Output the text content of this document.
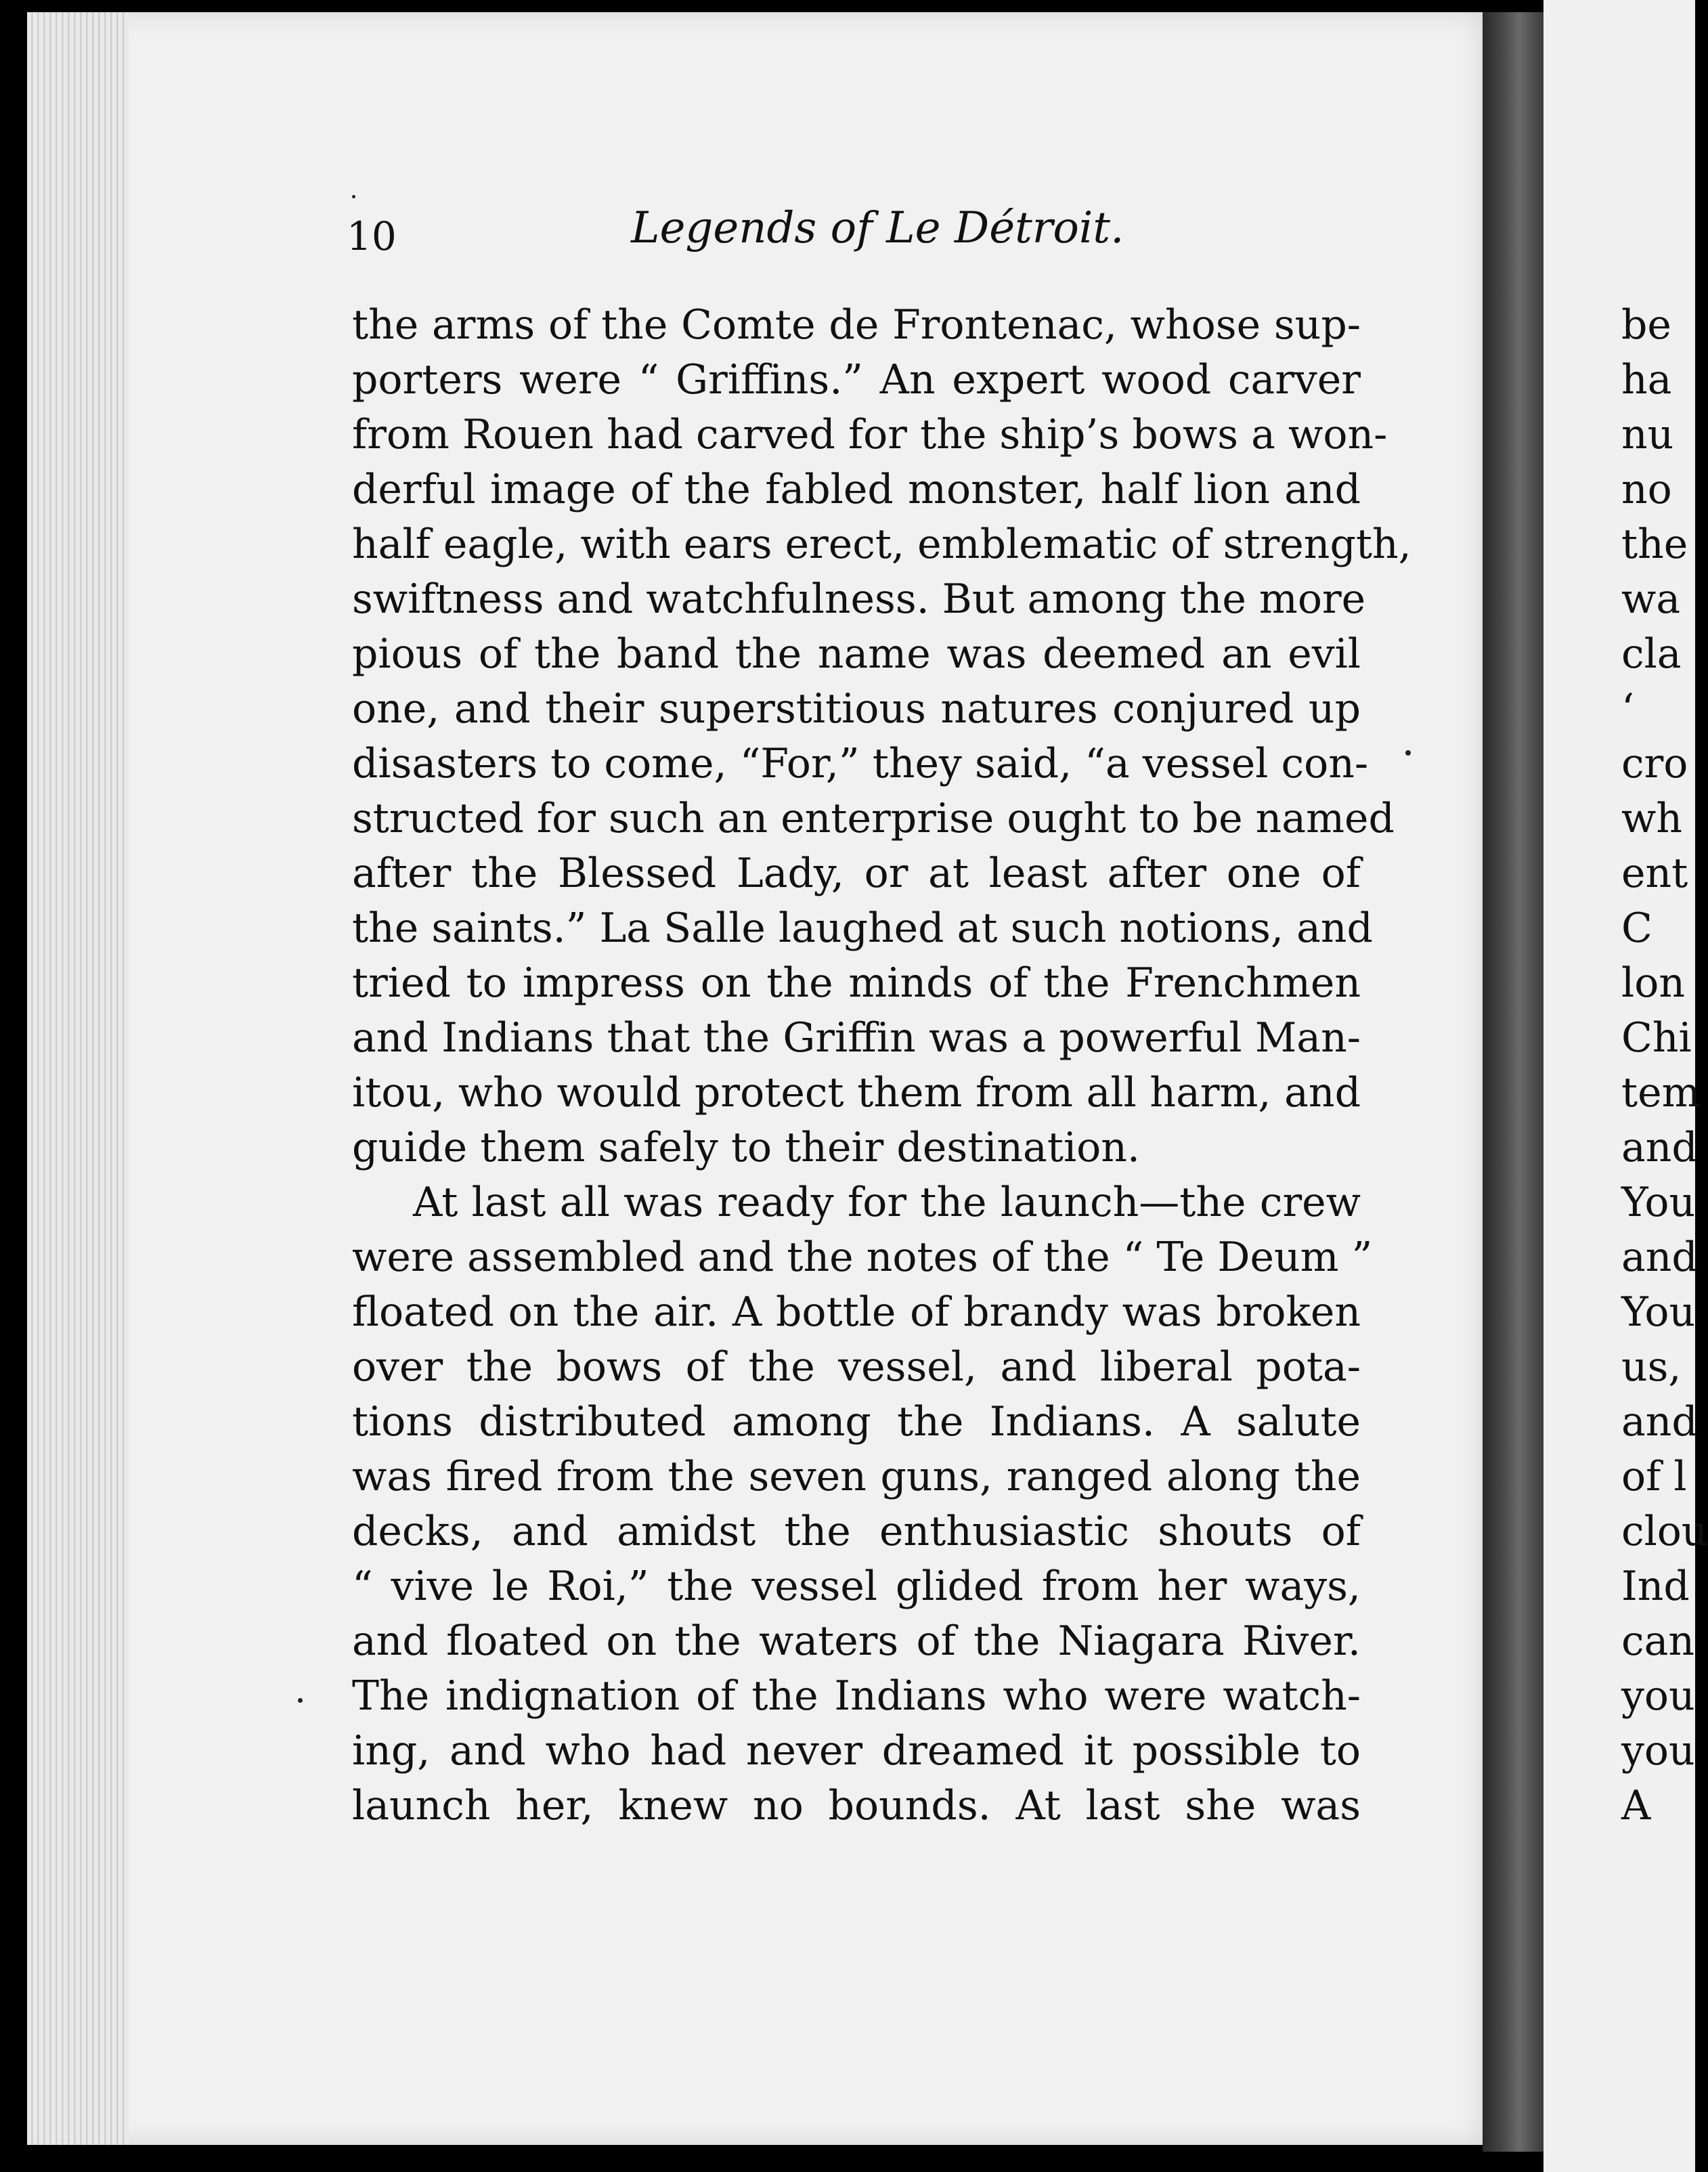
10	Legends of Le Détroit.
the arms of the Comte de Frontenac, whose sup-
porters were “ Griffins.” An expert wood carver
from Rouen had carved for the ship’s bows a won-
derful image of the fabled monster, half lion and
half eagle, with ears erect, emblematic of strength,
swiftness and watchfulness. But among the more
pious of the band the name was deemed an evil
one, and their superstitious natures conjured up
disasters to come, “For,” they said, “a vessel con-
structed for such an enterprise ought to be named
after the Blessed Lady, or at least after one of
the saints.” La Salle laughed at such notions, and
tried to impress on the minds of the Frenchmen
and Indians that the Griffin was a powerful Man-
itou, who would protect them from all harm, and
guide them safely to their destination.
At last all was ready for the launch—the crew
were assembled and the notes of the “ Te Deum ”
floated on the air. A bottle of brandy was broken
over the bows of the vessel, and liberal pota-
tions distributed among the Indians. A salute
was fired from the seven guns, ranged along the
decks, and amidst the enthusiastic shouts of
“ vive le Roi,” the vessel glided from her ways,
and floated on the waters of the Niagara River.
The indignation of the Indians who were watch-
ing, and who had never dreamed it possible to
launch her, knew no bounds. At last she was
be
ha
nu
no
the
wa
cla
‘
cro
wh
ent
C
lon
Chi
tem
and
You
and
You
us,
and
of l
clou
Ind
can
you
you
A
